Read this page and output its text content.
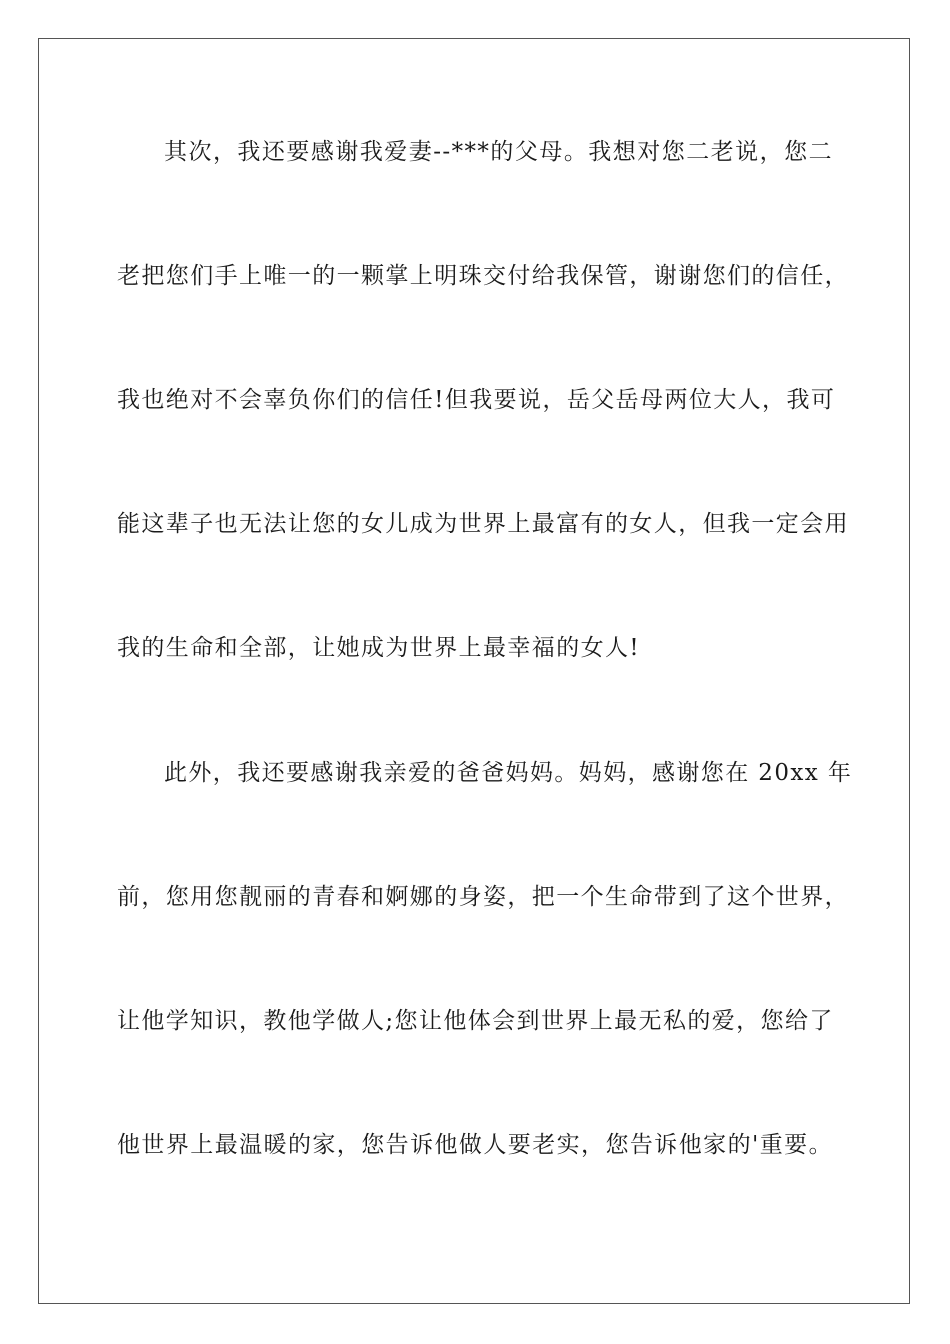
其次，我还要感谢我爱妻--***的父母。我想对您二老说，您二
老把您们手上唯一的一颗掌上明珠交付给我保管，谢谢您们的信任，
我也绝对不会辜负你们的信任!但我要说，岳父岳母两位大人，我可
能这辈子也无法让您的女儿成为世界上最富有的女人，但我一定会用
我的生命和全部，让她成为世界上最幸福的女人!
此外，我还要感谢我亲爱的爸爸妈妈。妈妈，感谢您在 20xx 年
前，您用您靓丽的青春和婀娜的身姿，把一个生命带到了这个世界，
让他学知识，教他学做人;您让他体会到世界上最无私的爱，您给了
他世界上最温暖的家，您告诉他做人要老实，您告诉他家的'重要。
